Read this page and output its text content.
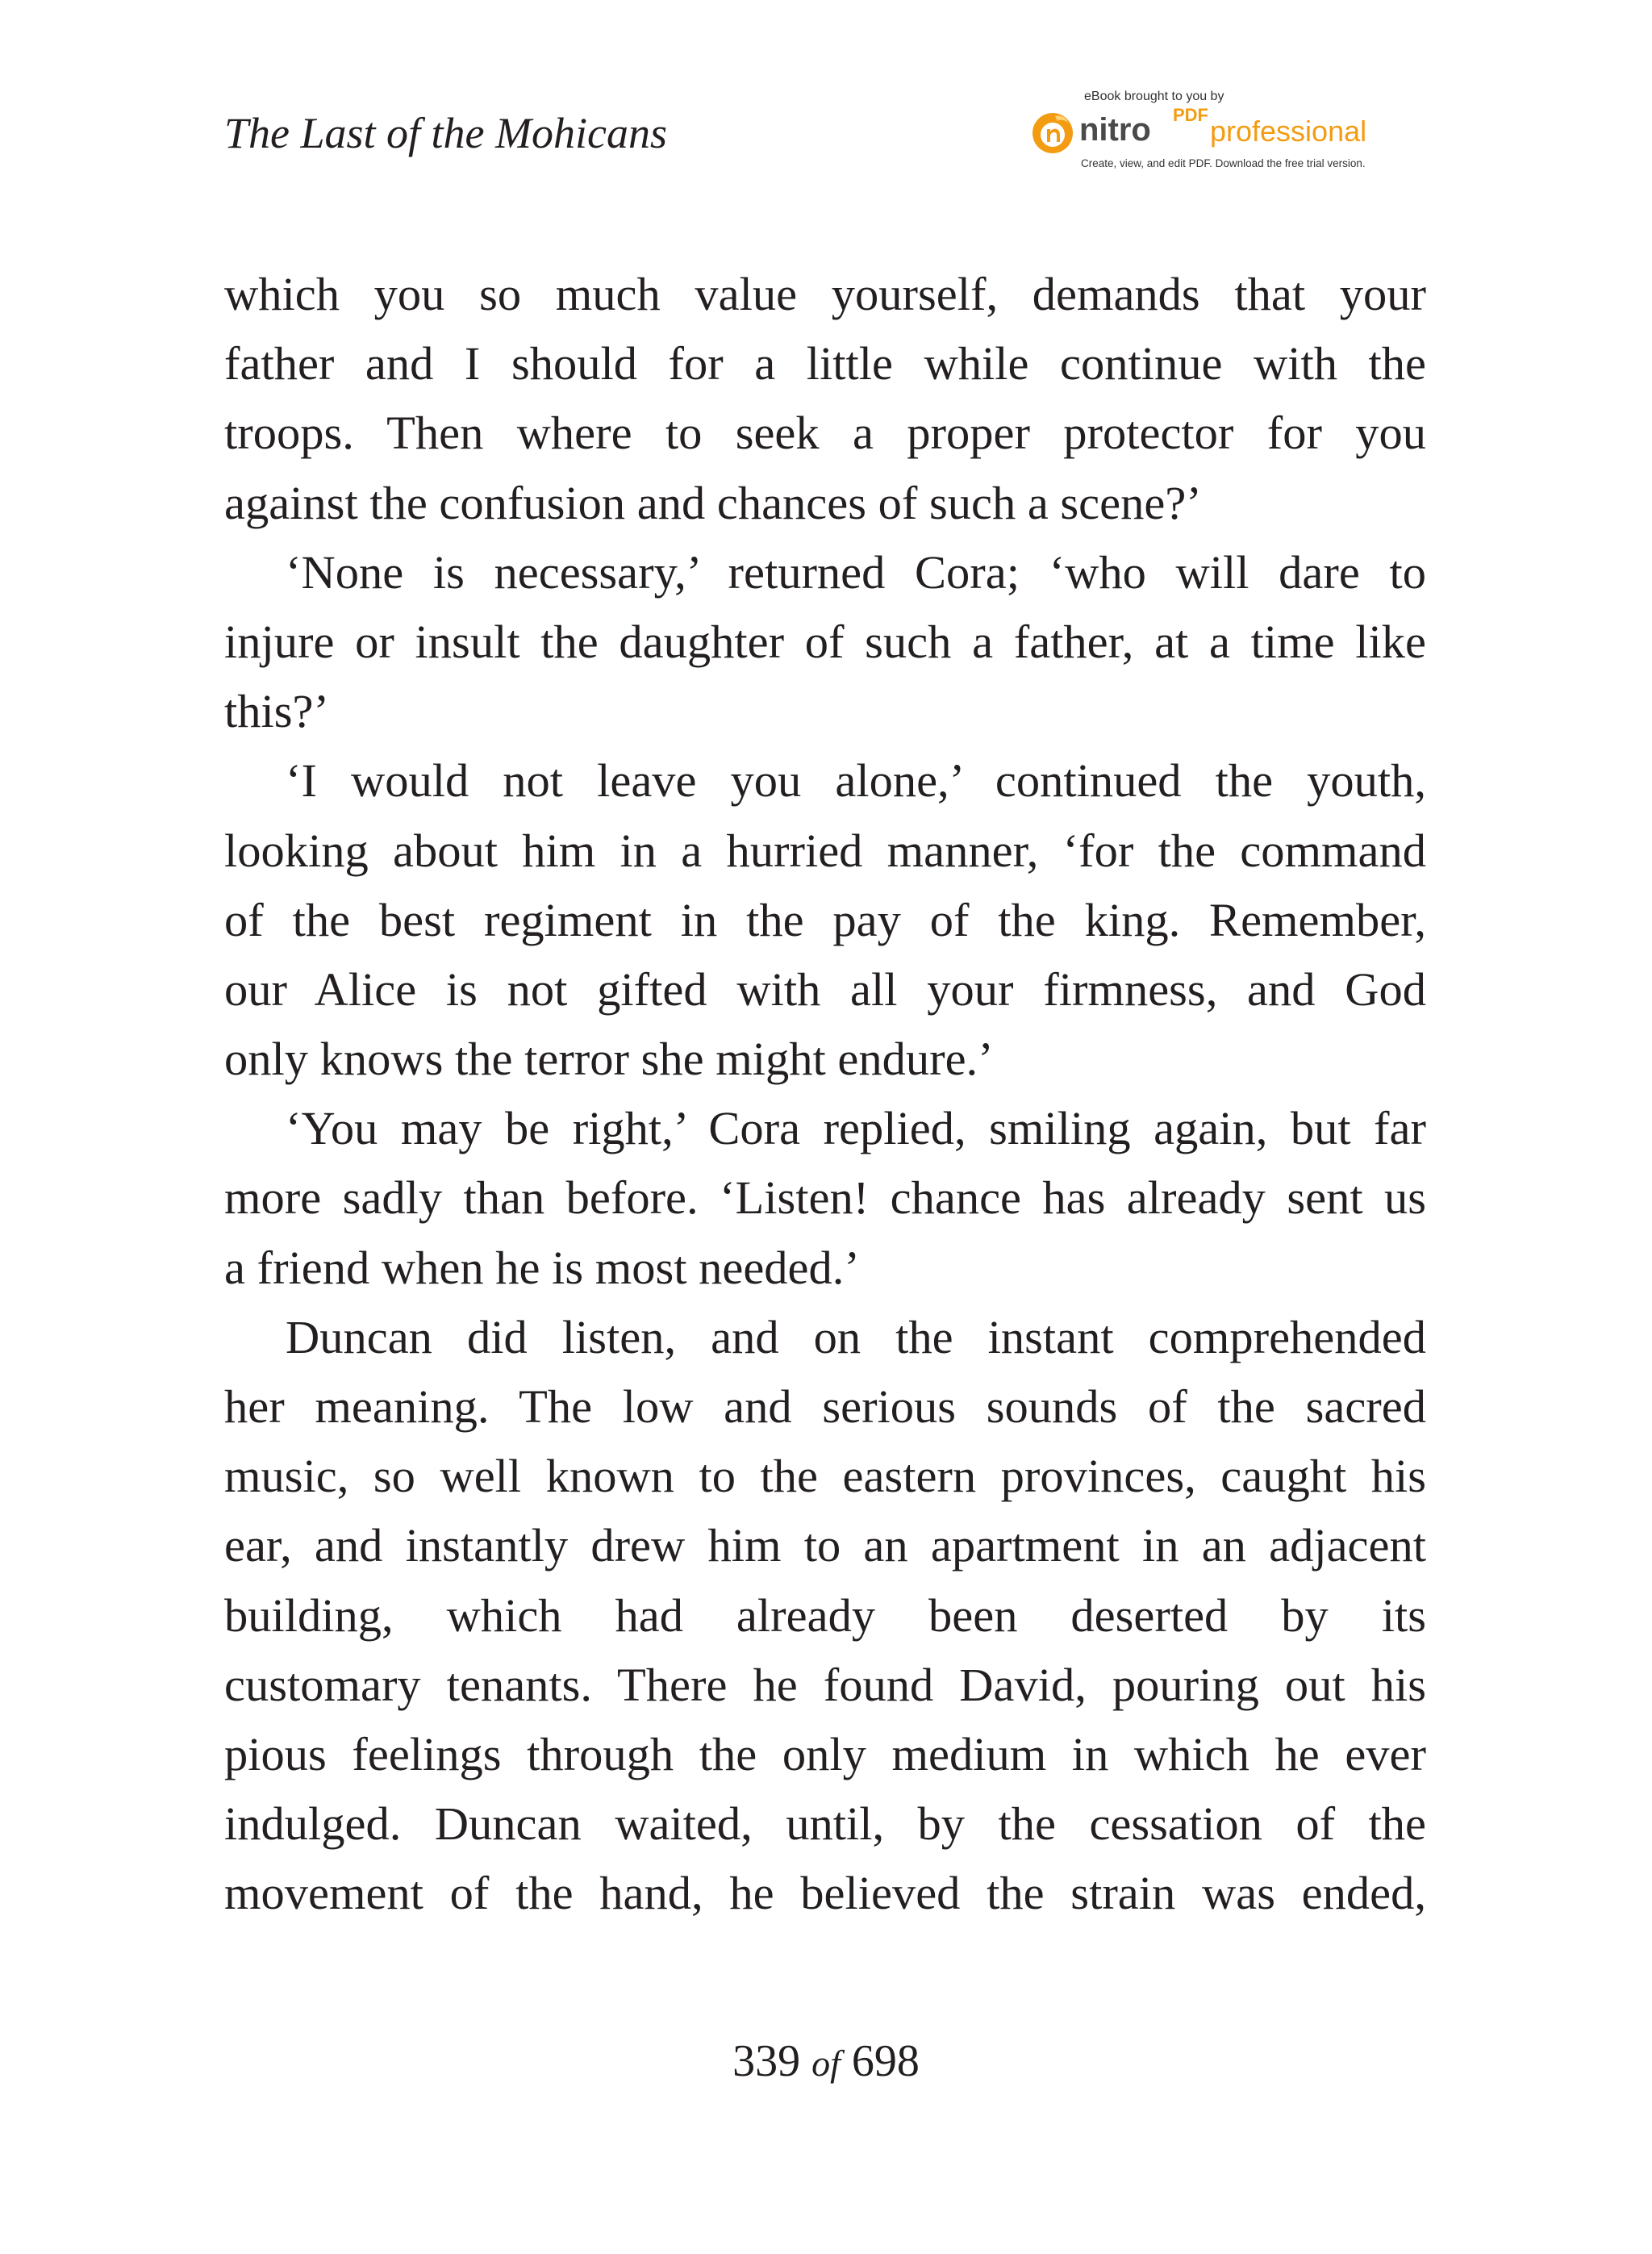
The Last of the Mohicans
eBook brought to you by
nitro PDF professional
Create, view, and edit PDF. Download the free trial version.
which you so much value yourself, demands that your
father and I should for a little while continue with the
troops. Then where to seek a proper protector for you
against the confusion and chances of such a scene?’
‘None is necessary,’ returned Cora; ‘who will dare to
injure or insult the daughter of such a father, at a time like
this?’
‘I would not leave you alone,’ continued the youth,
looking about him in a hurried manner, ‘for the command
of the best regiment in the pay of the king. Remember,
our Alice is not gifted with all your firmness, and God
only knows the terror she might endure.’
‘You may be right,’ Cora replied, smiling again, but far
more sadly than before. ‘Listen! chance has already sent us
a friend when he is most needed.’
Duncan did listen, and on the instant comprehended
her meaning. The low and serious sounds of the sacred
music, so well known to the eastern provinces, caught his
ear, and instantly drew him to an apartment in an adjacent
building, which had already been deserted by its
customary tenants. There he found David, pouring out his
pious feelings through the only medium in which he ever
indulged. Duncan waited, until, by the cessation of the
movement of the hand, he believed the strain was ended,
339 of 698
